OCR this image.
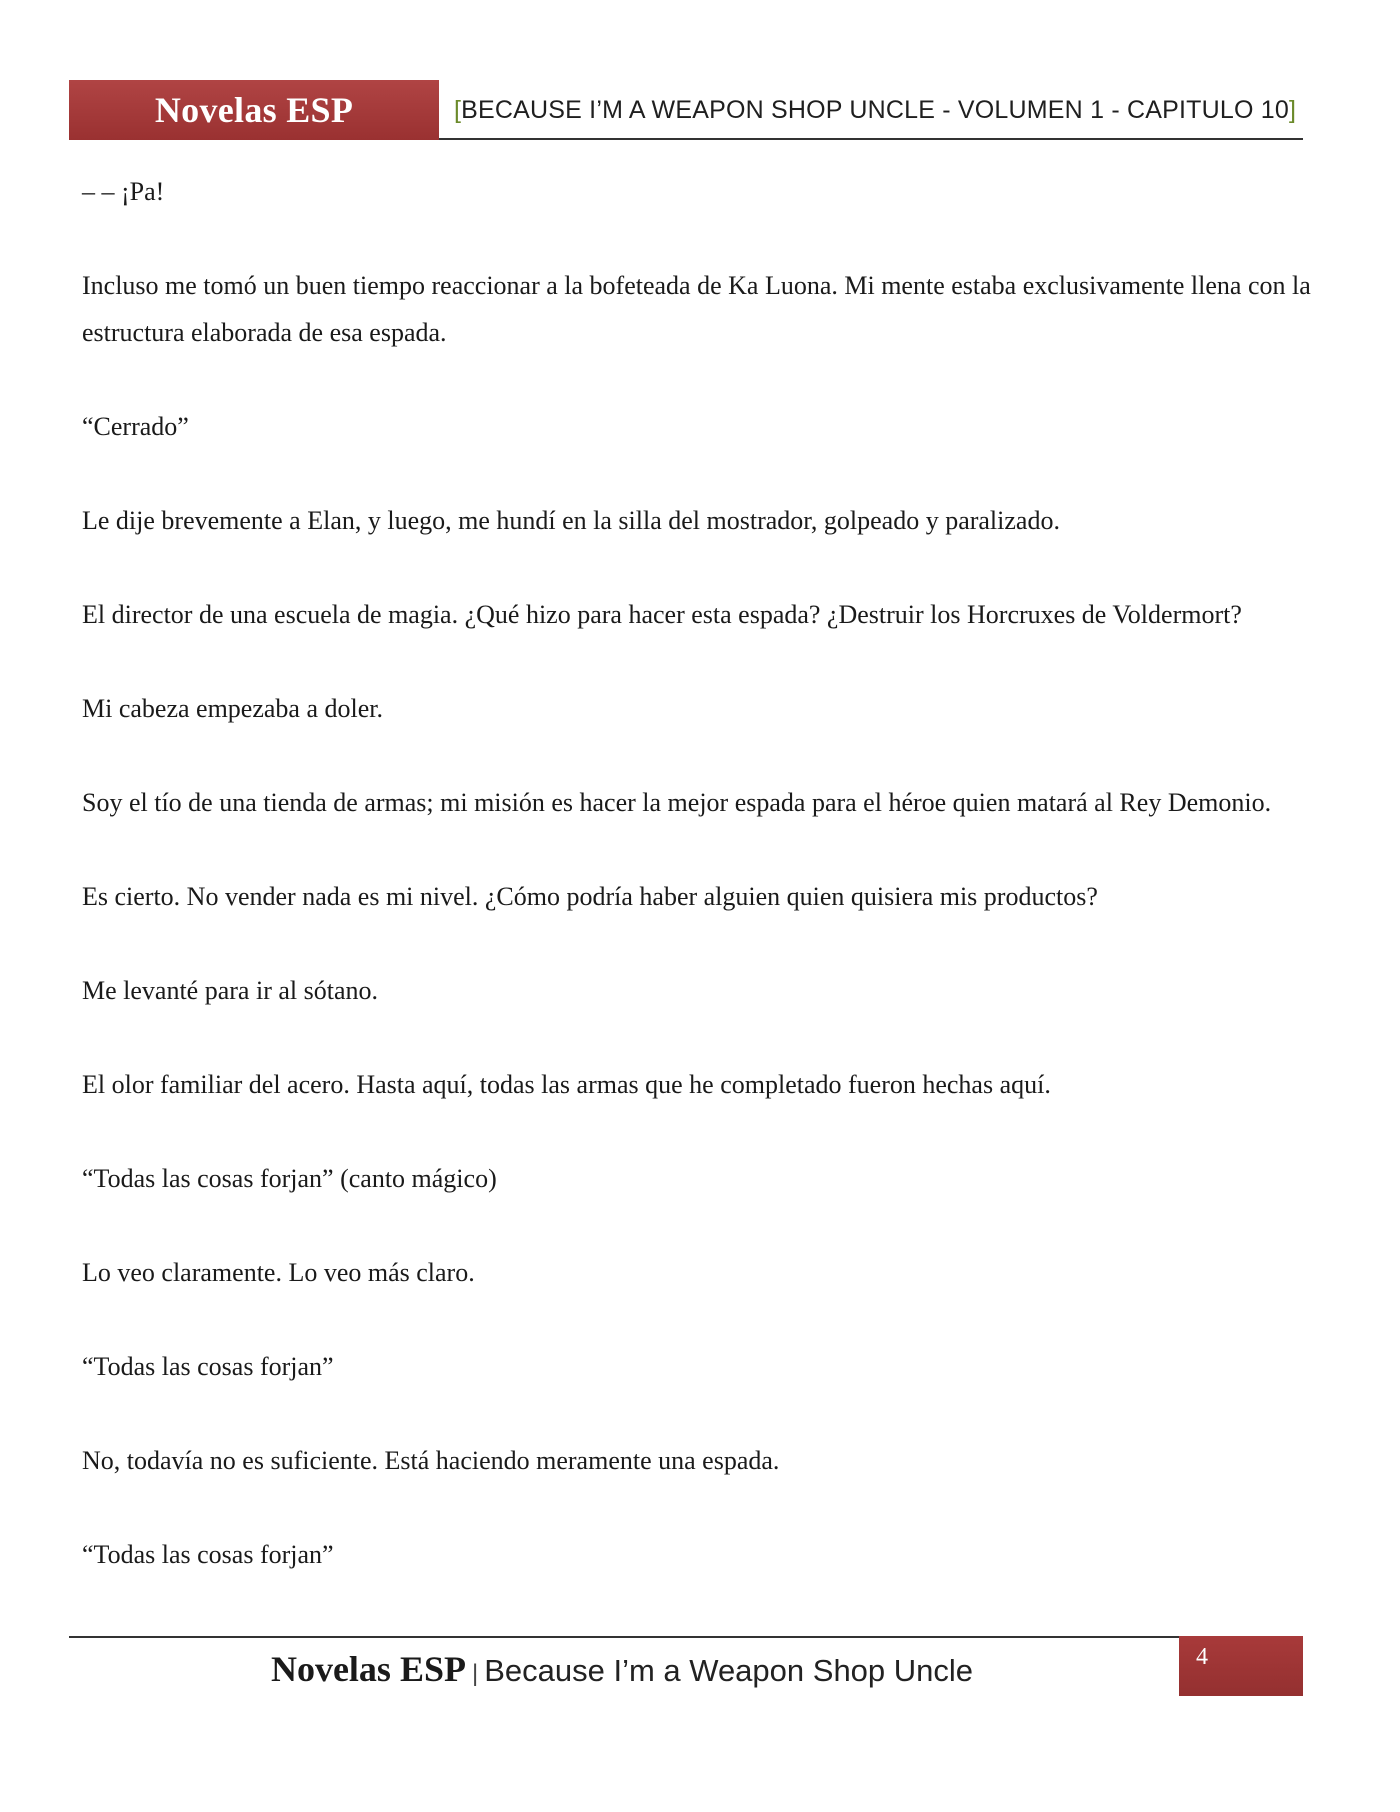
Novelas ESP	[BECAUSE I’M A WEAPON SHOP UNCLE - VOLUMEN 1 - CAPITULO 10]

– – ¡Pa!

Incluso me tomó un buen tiempo reaccionar a la bofeteada de Ka Luona. Mi mente estaba exclusivamente llena con la estructura elaborada de esa espada.

“Cerrado”

Le dije brevemente a Elan, y luego, me hundí en la silla del mostrador, golpeado y paralizado.

El director de una escuela de magia. ¿Qué hizo para hacer esta espada? ¿Destruir los Horcruxes de Voldermort?

Mi cabeza empezaba a doler.

Soy el tío de una tienda de armas; mi misión es hacer la mejor espada para el héroe quien matará al Rey Demonio.

Es cierto. No vender nada es mi nivel. ¿Cómo podría haber alguien quien quisiera mis productos?

Me levanté para ir al sótano.

El olor familiar del acero. Hasta aquí, todas las armas que he completado fueron hechas aquí.

“Todas las cosas forjan” (canto mágico)

Lo veo claramente. Lo veo más claro.

“Todas las cosas forjan”

No, todavía no es suficiente. Está haciendo meramente una espada.

“Todas las cosas forjan”

Novelas ESP | Because I’m a Weapon Shop Uncle	4
